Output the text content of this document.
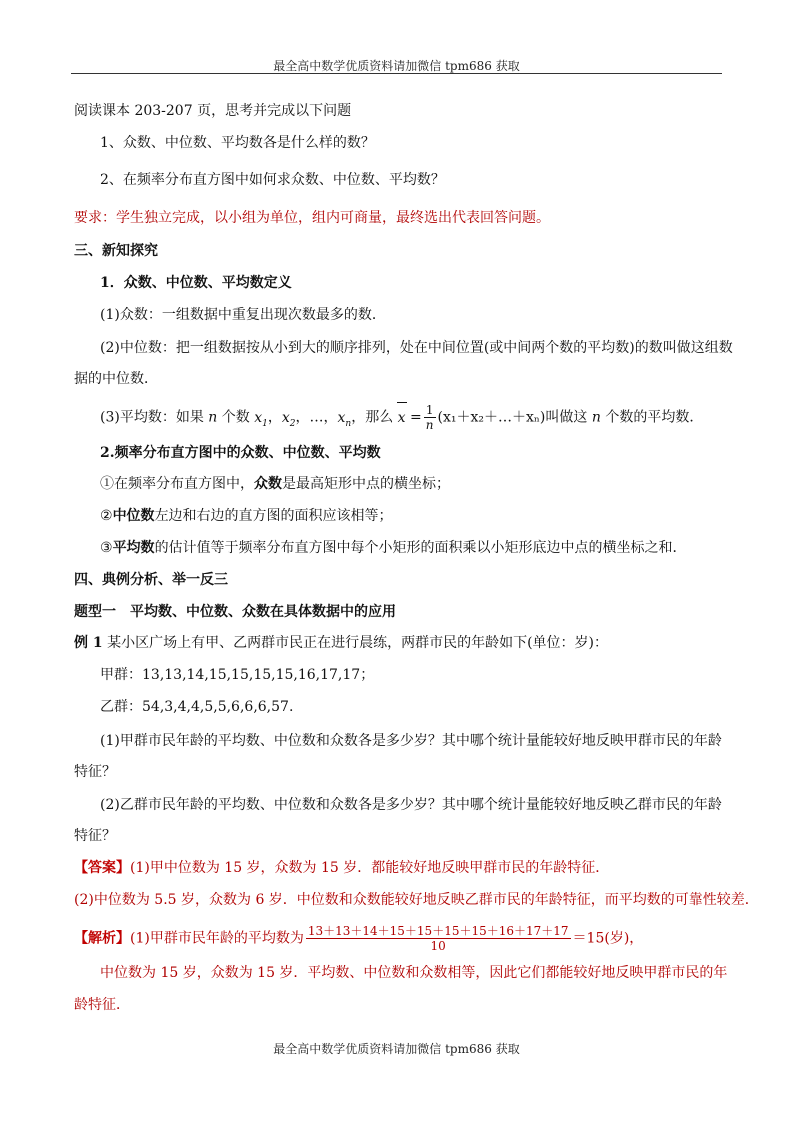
最全高中数学优质资料请加微信 tpm686 获取
阅读课本 203-207 页，思考并完成以下问题
1、众数、中位数、平均数各是什么样的数？
2、在频率分布直方图中如何求众数、中位数、平均数？
要求：学生独立完成，以小组为单位，组内可商量，最终选出代表回答问题。
三、新知探究
1．众数、中位数、平均数定义
(1)众数：一组数据中重复出现次数最多的数．
(2)中位数：把一组数据按从小到大的顺序排列，处在中间位置(或中间两个数的平均数)的数叫做这组数
据的中位数．
(3)平均数：如果 n 个数 $x_1$，$x_2$，…，$x_n$，那么 $x = \frac{1}{n}$ (x₁＋x₂＋…＋xₙ)叫做这 n 个数的平均数．
2.频率分布直方图中的众数、中位数、平均数
①在频率分布直方图中，众数是最高矩形中点的横坐标；
②中位数左边和右边的直方图的面积应该相等；
③平均数的估计值等于频率分布直方图中每个小矩形的面积乘以小矩形底边中点的横坐标之和．
四、典例分析、举一反三
题型一　平均数、中位数、众数在具体数据中的应用
例 1 某小区广场上有甲、乙两群市民正在进行晨练，两群市民的年龄如下(单位：岁)：
甲群：13,13,14,15,15,15,15,16,17,17；
乙群：54,3,4,4,5,5,6,6,6,57.
(1)甲群市民年龄的平均数、中位数和众数各是多少岁？其中哪个统计量能较好地反映甲群市民的年龄
特征？
(2)乙群市民年龄的平均数、中位数和众数各是多少岁？其中哪个统计量能较好地反映乙群市民的年龄
特征？
【答案】(1)甲中位数为 15 岁，众数为 15 岁．都能较好地反映甲群市民的年龄特征．
(2)中位数为 5.5 岁，众数为 6 岁．中位数和众数能较好地反映乙群市民的年龄特征，而平均数的可靠性较差．
【解析】(1)甲群市民年龄的平均数为 $\frac{13+13+14+15+15+15+15+16+17+17}{10} =15$(岁)，
中位数为 15 岁，众数为 15 岁．平均数、中位数和众数相等，因此它们都能较好地反映甲群市民的年
龄特征．
最全高中数学优质资料请加微信 tpm686 获取
